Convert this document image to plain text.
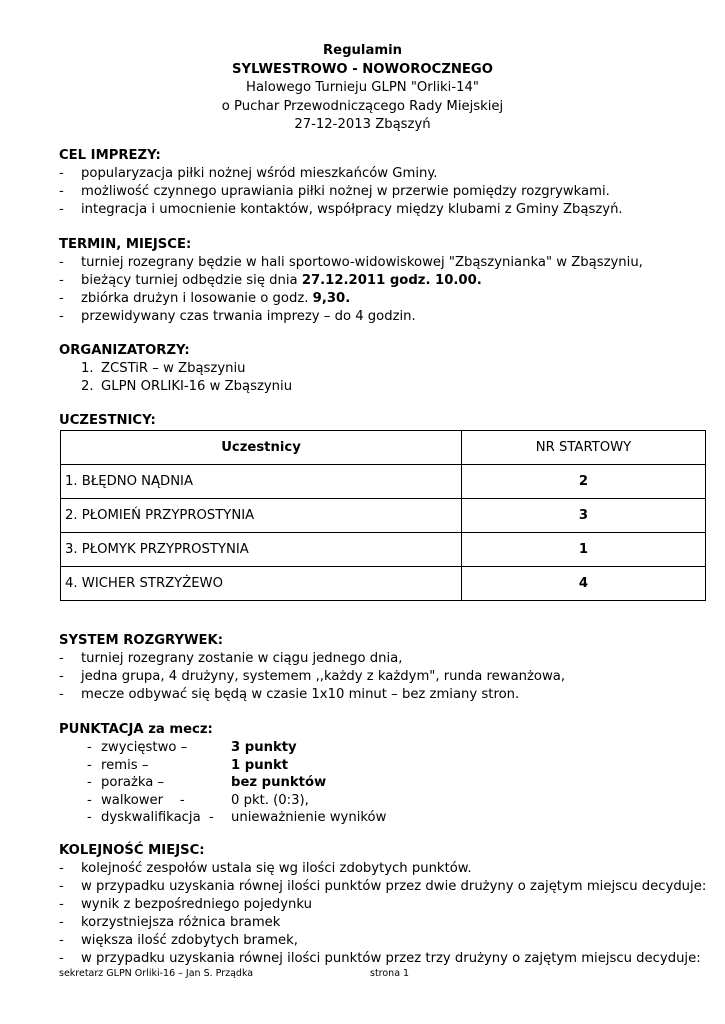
Regulamin
SYLWESTROWO - NOWOROCZNEGO
Halowego Turnieju GLPN "Orliki-14"
o Puchar Przewodniczącego Rady Miejskiej
27-12-2013 Zbąszyń
CEL IMPREZY:
- popularyzacja piłki nożnej wśród mieszkańców Gminy.
- możliwość czynnego uprawiania piłki nożnej w przerwie pomiędzy rozgrywkami.
- integracja i umocnienie kontaktów, współpracy między klubami z Gminy Zbąszyń.
TERMIN, MIEJSCE:
- turniej rozegrany będzie w hali sportowo-widowiskowej "Zbąszynianka" w Zbąszyniu,
- bieżący turniej odbędzie się dnia 27.12.2011 godz. 10.00.
- zbiórka drużyn i losowanie o godz. 9,30.
- przewidywany czas trwania imprezy – do 4 godzin.
ORGANIZATORZY:
1. ZCSTiR – w Zbąszyniu
2. GLPN ORLIKI-16 w Zbąszyniu
UCZESTNICY:
Uczestnicy	NR STARTOWY
1. BŁĘDNO NĄDNIA	2
2. PŁOMIEŃ PRZYPROSTYNIA	3
3. PŁOMYK PRZYPROSTYNIA	1
4. WICHER STRZYŻEWO	4
SYSTEM ROZGRYWEK:
- turniej rozegrany zostanie w ciągu jednego dnia,
- jedna grupa, 4 drużyny, systemem ,,każdy z każdym", runda rewanżowa,
- mecze odbywać się będą w czasie 1x10 minut – bez zmiany stron.
PUNKTACJA za mecz:
- zwycięstwo –	3 punkty
- remis –	1 punkt
- porażka –	bez punktów
- walkower    -	0 pkt. (0:3),
- dyskwalifikacja  - unieważnienie wyników
KOLEJNOŚĆ MIEJSC:
- kolejność zespołów ustala się wg ilości zdobytych punktów.
- w przypadku uzyskania równej ilości punktów przez dwie drużyny o zajętym miejscu decyduje:
- wynik z bezpośredniego pojedynku
- korzystniejsza różnica bramek
- większa ilość zdobytych bramek,
- w przypadku uzyskania równej ilości punktów przez trzy drużyny o zajętym miejscu decyduje:
sekretarz GLPN Orliki-16 – Jan S. Prządka	strona 1
